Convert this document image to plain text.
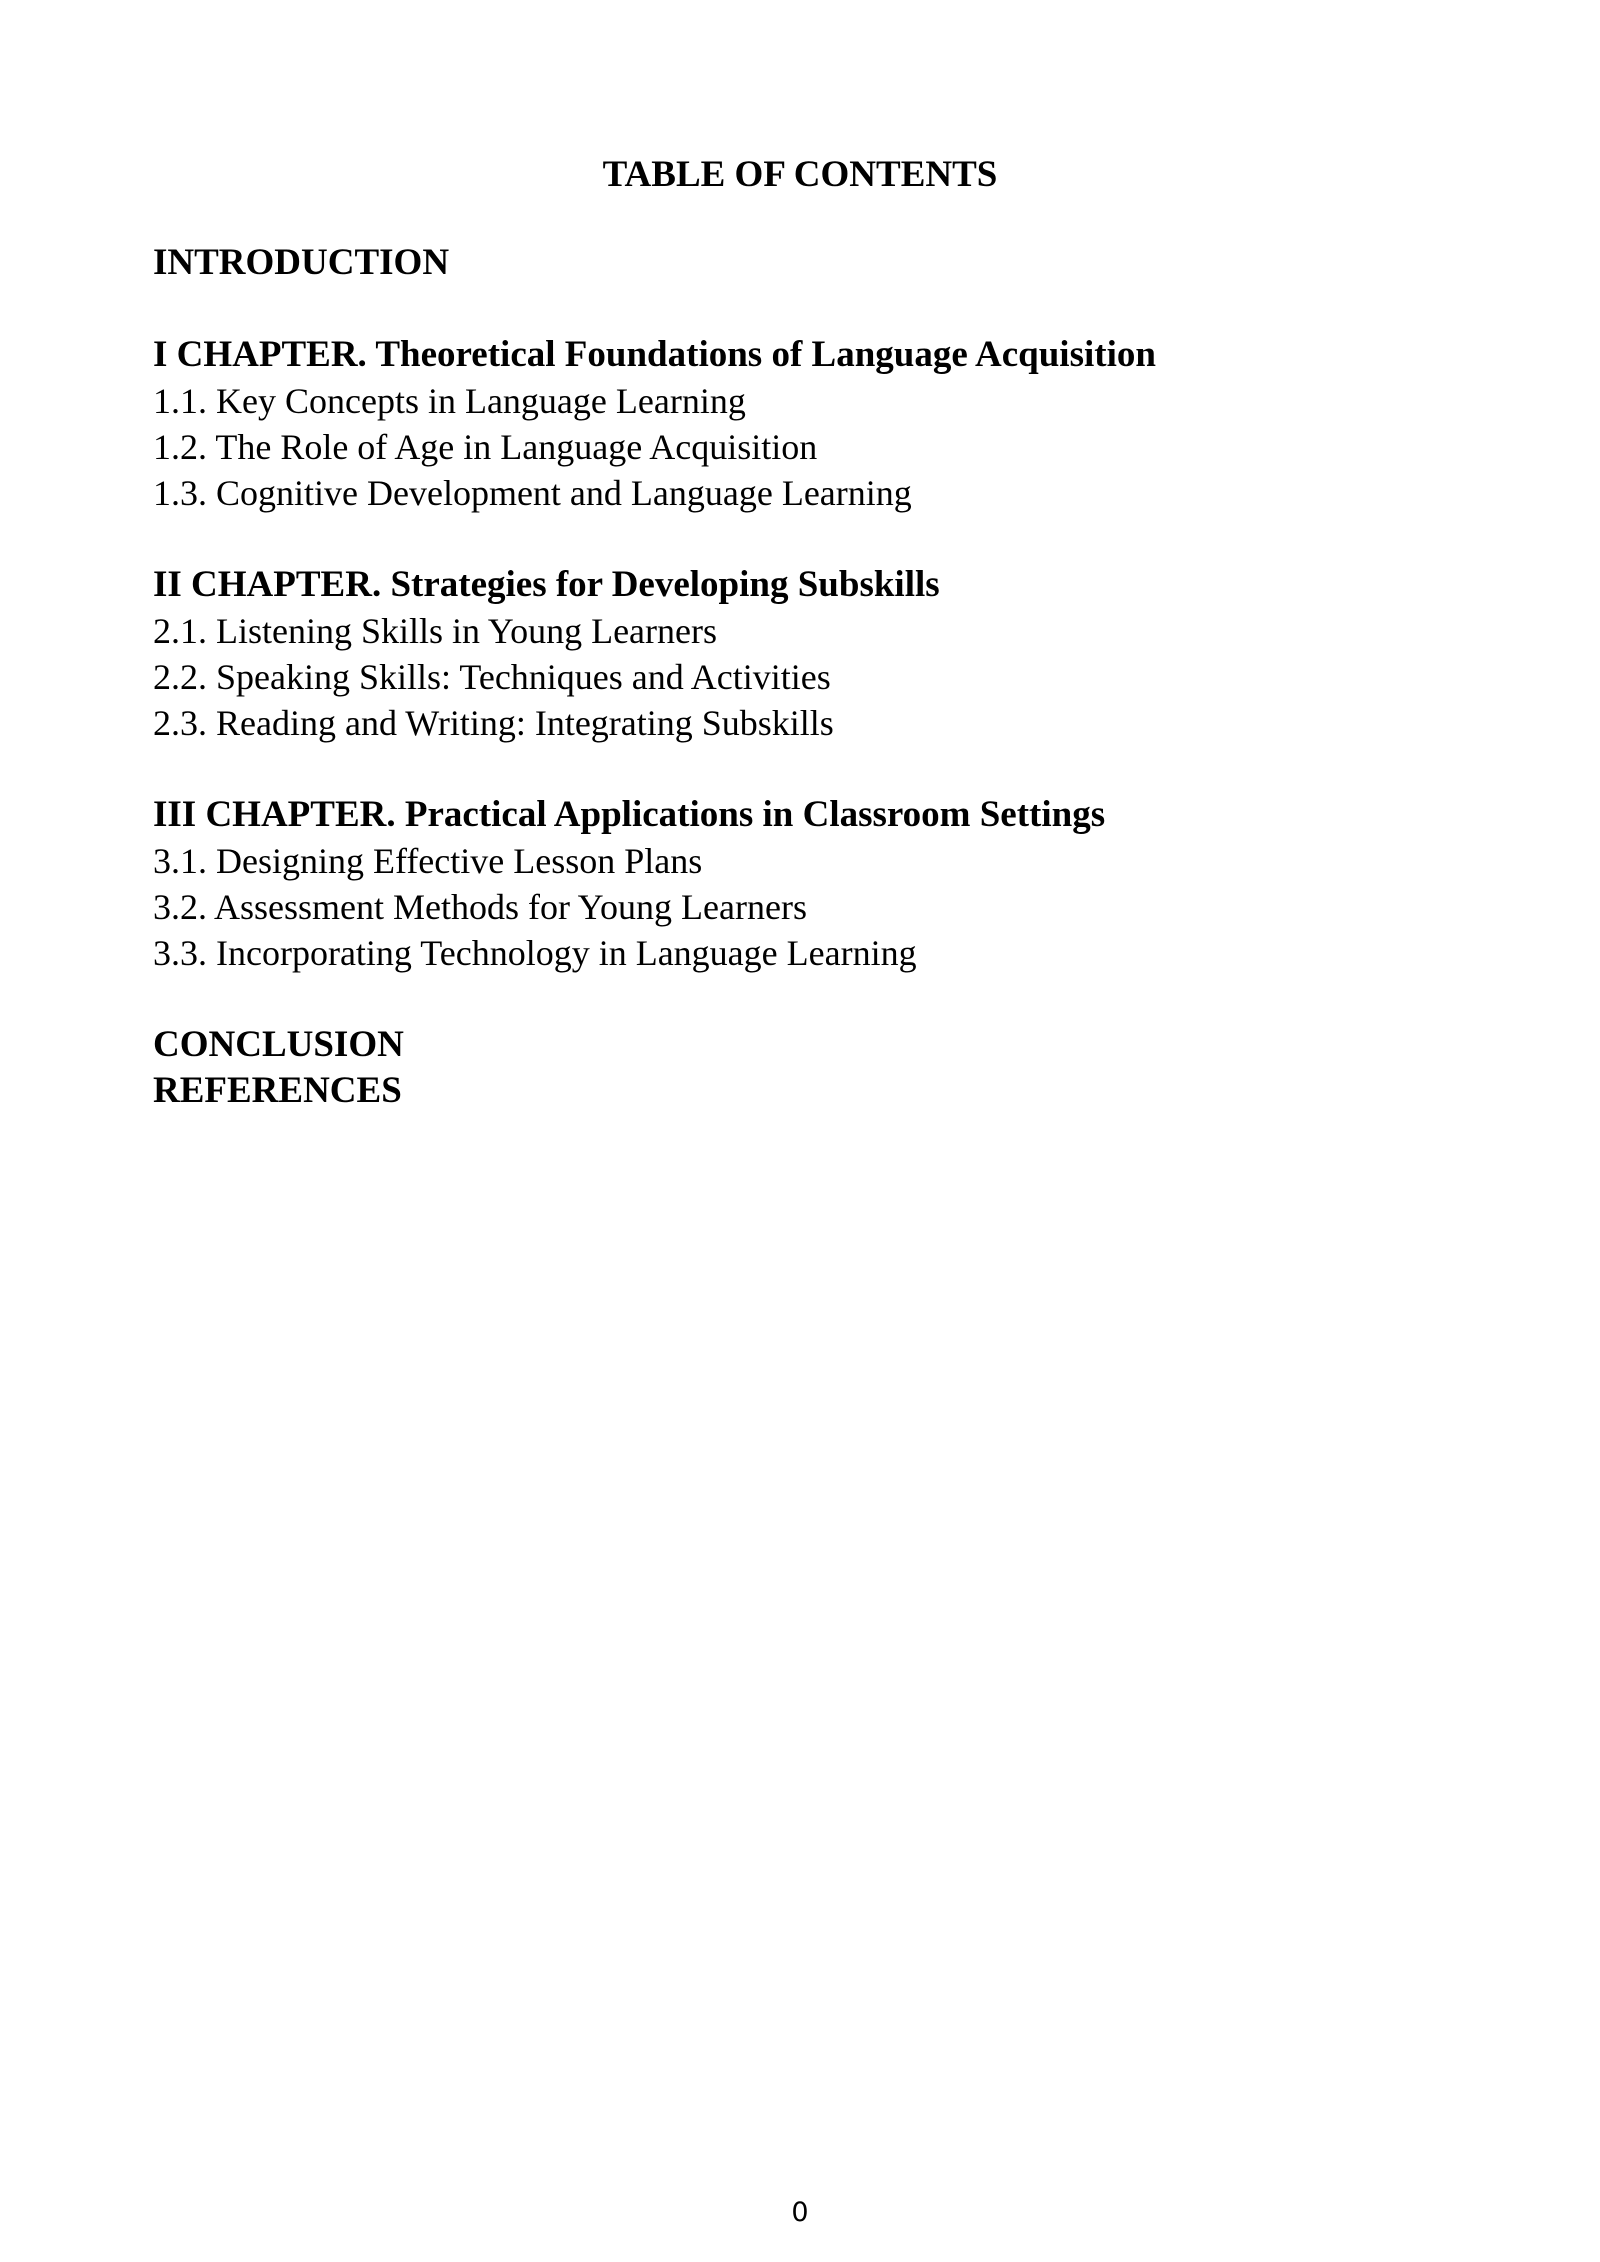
TABLE OF CONTENTS
INTRODUCTION
I CHAPTER. Theoretical Foundations of Language Acquisition
1.1. Key Concepts in Language Learning
1.2. The Role of Age in Language Acquisition
1.3. Cognitive Development and Language Learning
II CHAPTER. Strategies for Developing Subskills
2.1. Listening Skills in Young Learners
2.2. Speaking Skills: Techniques and Activities
2.3. Reading and Writing: Integrating Subskills
III CHAPTER. Practical Applications in Classroom Settings
3.1. Designing Effective Lesson Plans
3.2. Assessment Methods for Young Learners
3.3. Incorporating Technology in Language Learning
CONCLUSION
REFERENCES
0
